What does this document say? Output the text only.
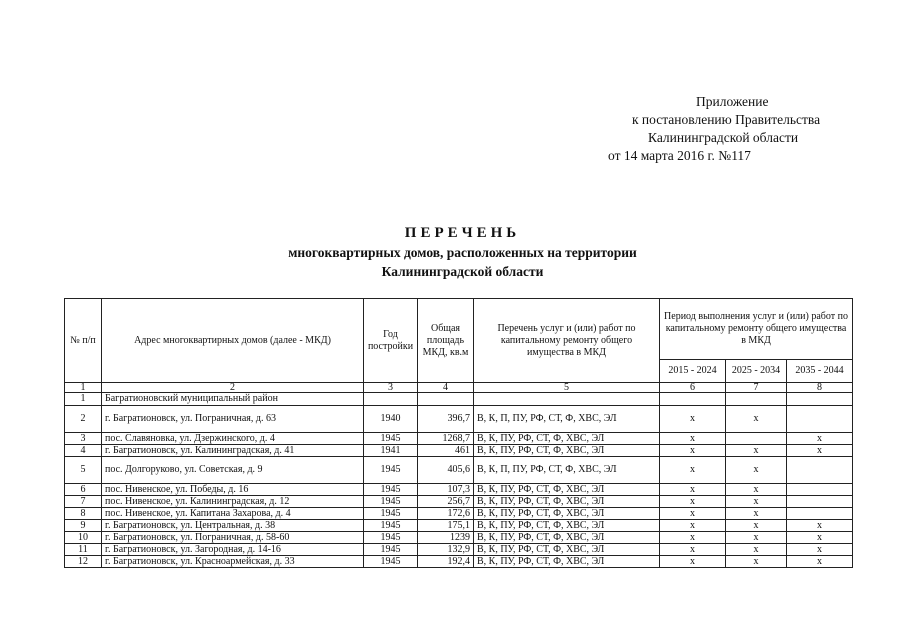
Приложение
к постановлению Правительства
Калининградской области
от 14 марта 2016 г. №117
ПЕРЕЧЕНЬ
многоквартирных домов, расположенных на территории
Калининградской области
№ п/п	Адрес многоквартирных домов (далее - МКД)	Год постройки	Общая площадь МКД, кв.м	Перечень услуг и (или) работ по капитальному ремонту общего имущества в МКД	Период выполнения услуг и (или) работ по капитальному ремонту общего имущества в МКД		
					2015 - 2024	2025 - 2034	2035 - 2044
1	2	3	4	5	6	7	8
1	Багратионовский муниципальный район						
2	г. Багратионовск, ул. Пограничная, д. 63	1940	396,7	В, К, П, ПУ, РФ, СТ, Ф, ХВС, ЭЛ	х	х	
3	пос. Славяновка, ул. Дзержинского, д. 4	1945	1268,7	В, К, ПУ, РФ, СТ, Ф, ХВС, ЭЛ	х		х
4	г. Багратионовск, ул. Калининградская, д. 41	1941	461	В, К, ПУ, РФ, СТ, Ф, ХВС, ЭЛ	х	х	х
5	пос. Долгоруково, ул. Советская, д. 9	1945	405,6	В, К, П, ПУ, РФ, СТ, Ф, ХВС, ЭЛ	х	х	
6	пос. Нивенское, ул. Победы, д. 16	1945	107,3	В, К, ПУ, РФ, СТ, Ф, ХВС, ЭЛ	х	х	
7	пос. Нивенское, ул. Калининградская, д. 12	1945	256,7	В, К, ПУ, РФ, СТ, Ф, ХВС, ЭЛ	х	х	
8	пос. Нивенское, ул. Капитана Захарова, д. 4	1945	172,6	В, К, ПУ, РФ, СТ, Ф, ХВС, ЭЛ	х	х	
9	г. Багратионовск, ул. Центральная, д. 38	1945	175,1	В, К, ПУ, РФ, СТ, Ф, ХВС, ЭЛ	х	х	х
10	г. Багратионовск, ул. Пограничная, д. 58-60	1945	1239	В, К, ПУ, РФ, СТ, Ф, ХВС, ЭЛ	х	х	х
11	г. Багратионовск, ул. Загородная, д. 14-16	1945	132,9	В, К, ПУ, РФ, СТ, Ф, ХВС, ЭЛ	х	х	х
12	г. Багратионовск, ул. Красноармейская, д. 33	1945	192,4	В, К, ПУ, РФ, СТ, Ф, ХВС, ЭЛ	х	х	х
